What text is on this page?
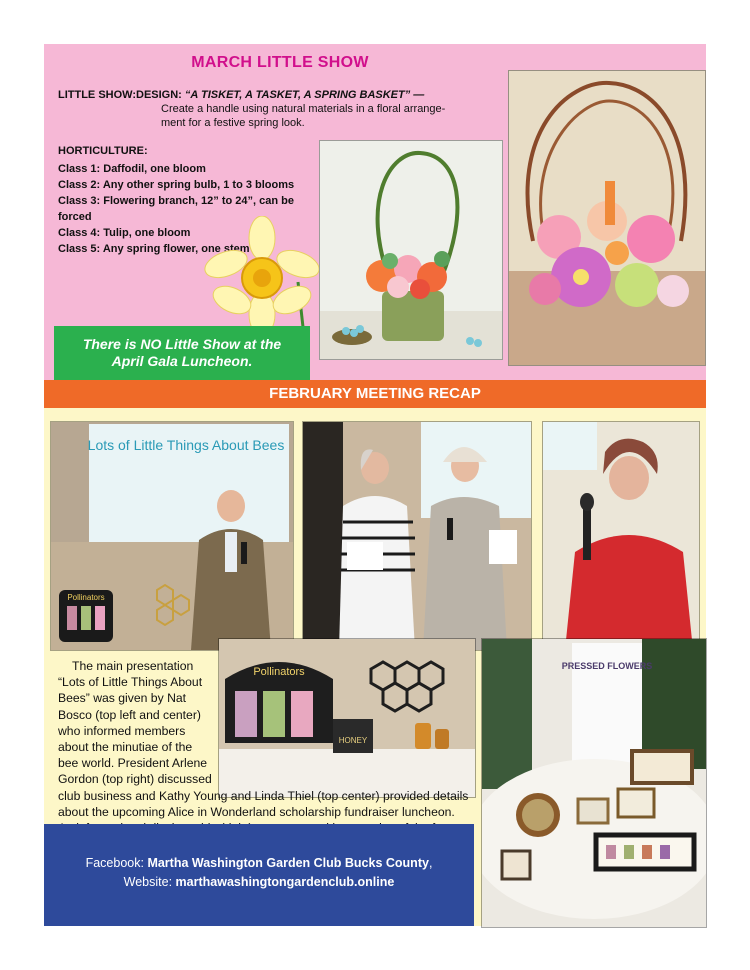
MARCH LITTLE SHOW
LITTLE SHOW:DESIGN: “A TISKET, A TASKET, A SPRING BASKET” —
Create a handle using natural materials in a floral arrange-
ment for a festive spring look.
HORTICULTURE:
Class 1: Daffodil, one bloom
Class 2: Any other spring bulb, 1 to 3 blooms
Class 3: Flowering branch, 12” to 24”, can be forced
Class 4: Tulip, one bloom
Class 5: Any spring flower, one stem
There is NO Little Show at the
April Gala Luncheon.
FEBRUARY MEETING RECAP
Lots of Little Things About Bees
Pollinators
Pollinators
HONEY
PRESSED FLOWERS
The main presentation
“Lots of Little Things About
Bees” was given by Nat
Bosco (top left and center)
who informed members
about the minutiae of the
bee world. President Arlene
Gordon (top right) discussed
club business and Kathy Young and Linda Thiel (top center) provided details
about the upcoming Alice in Wonderland scholarship fundraiser luncheon.
Facebook: Martha Washington Garden Club Bucks County,
Website: marthawashingtongardenclub.online
